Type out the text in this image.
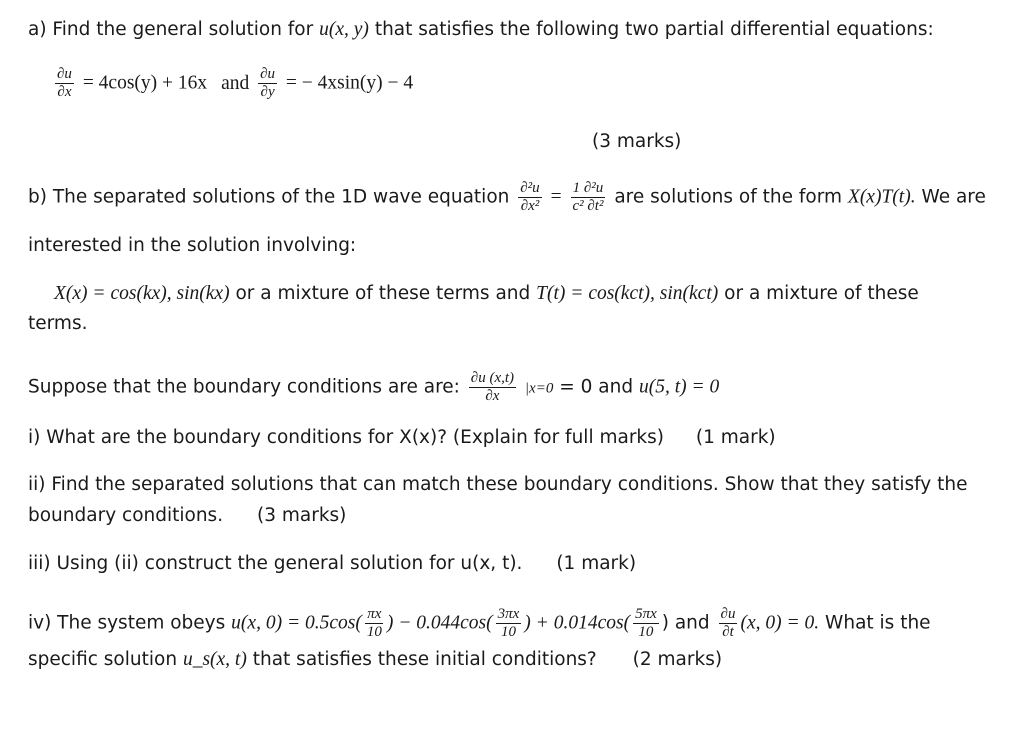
a) Find the general solution for u(x, y) that satisfies the following two partial differential equations:
$\frac{\partial u}{\partial x} = 4\cos(y) + 16x$ and $\frac{\partial u}{\partial y}$ = − 4xsin(y) − 4
(3 marks)
b) The separated solutions of the 1D wave equation $\frac{\text{∂²u}}{\text{∂x²}} = \frac{\text{1 ∂²u}}{\text{c² ∂t²}}$ are solutions of the form X(x)T(t). We are
interested in the solution involving:
X(x) = cos(kx), sin(kx) or a mixture of these terms and T(t) = cos(kct), sin(kct) or a mixture of these
terms.
Suppose that the boundary conditions are are: $\frac{\partial u (x,t)}{\partial x} |x=0 = 0$ and u(5, t) = 0
i) What are the boundary conditions for X(x)? (Explain for full marks) (1 mark)
ii) Find the separated solutions that can match these boundary conditions. Show that they satisfy the
boundary conditions. (3 marks)
iii) Using (ii) construct the general solution for u(x, t). (1 mark)
iv) The system obeys u(x, $0) = 0.5\cos( \frac{\pi x}{10}$ ) − $0.044\cos( \frac{3\pi x}{10}$ ) + $0.014\cos( \frac{5\pi x}{10}$ ) and $\frac{\partial u}{\partial t} (x$, 0) = 0. What is the
specific solution u_s(x, t) that satisfies these initial conditions? (2 marks)
